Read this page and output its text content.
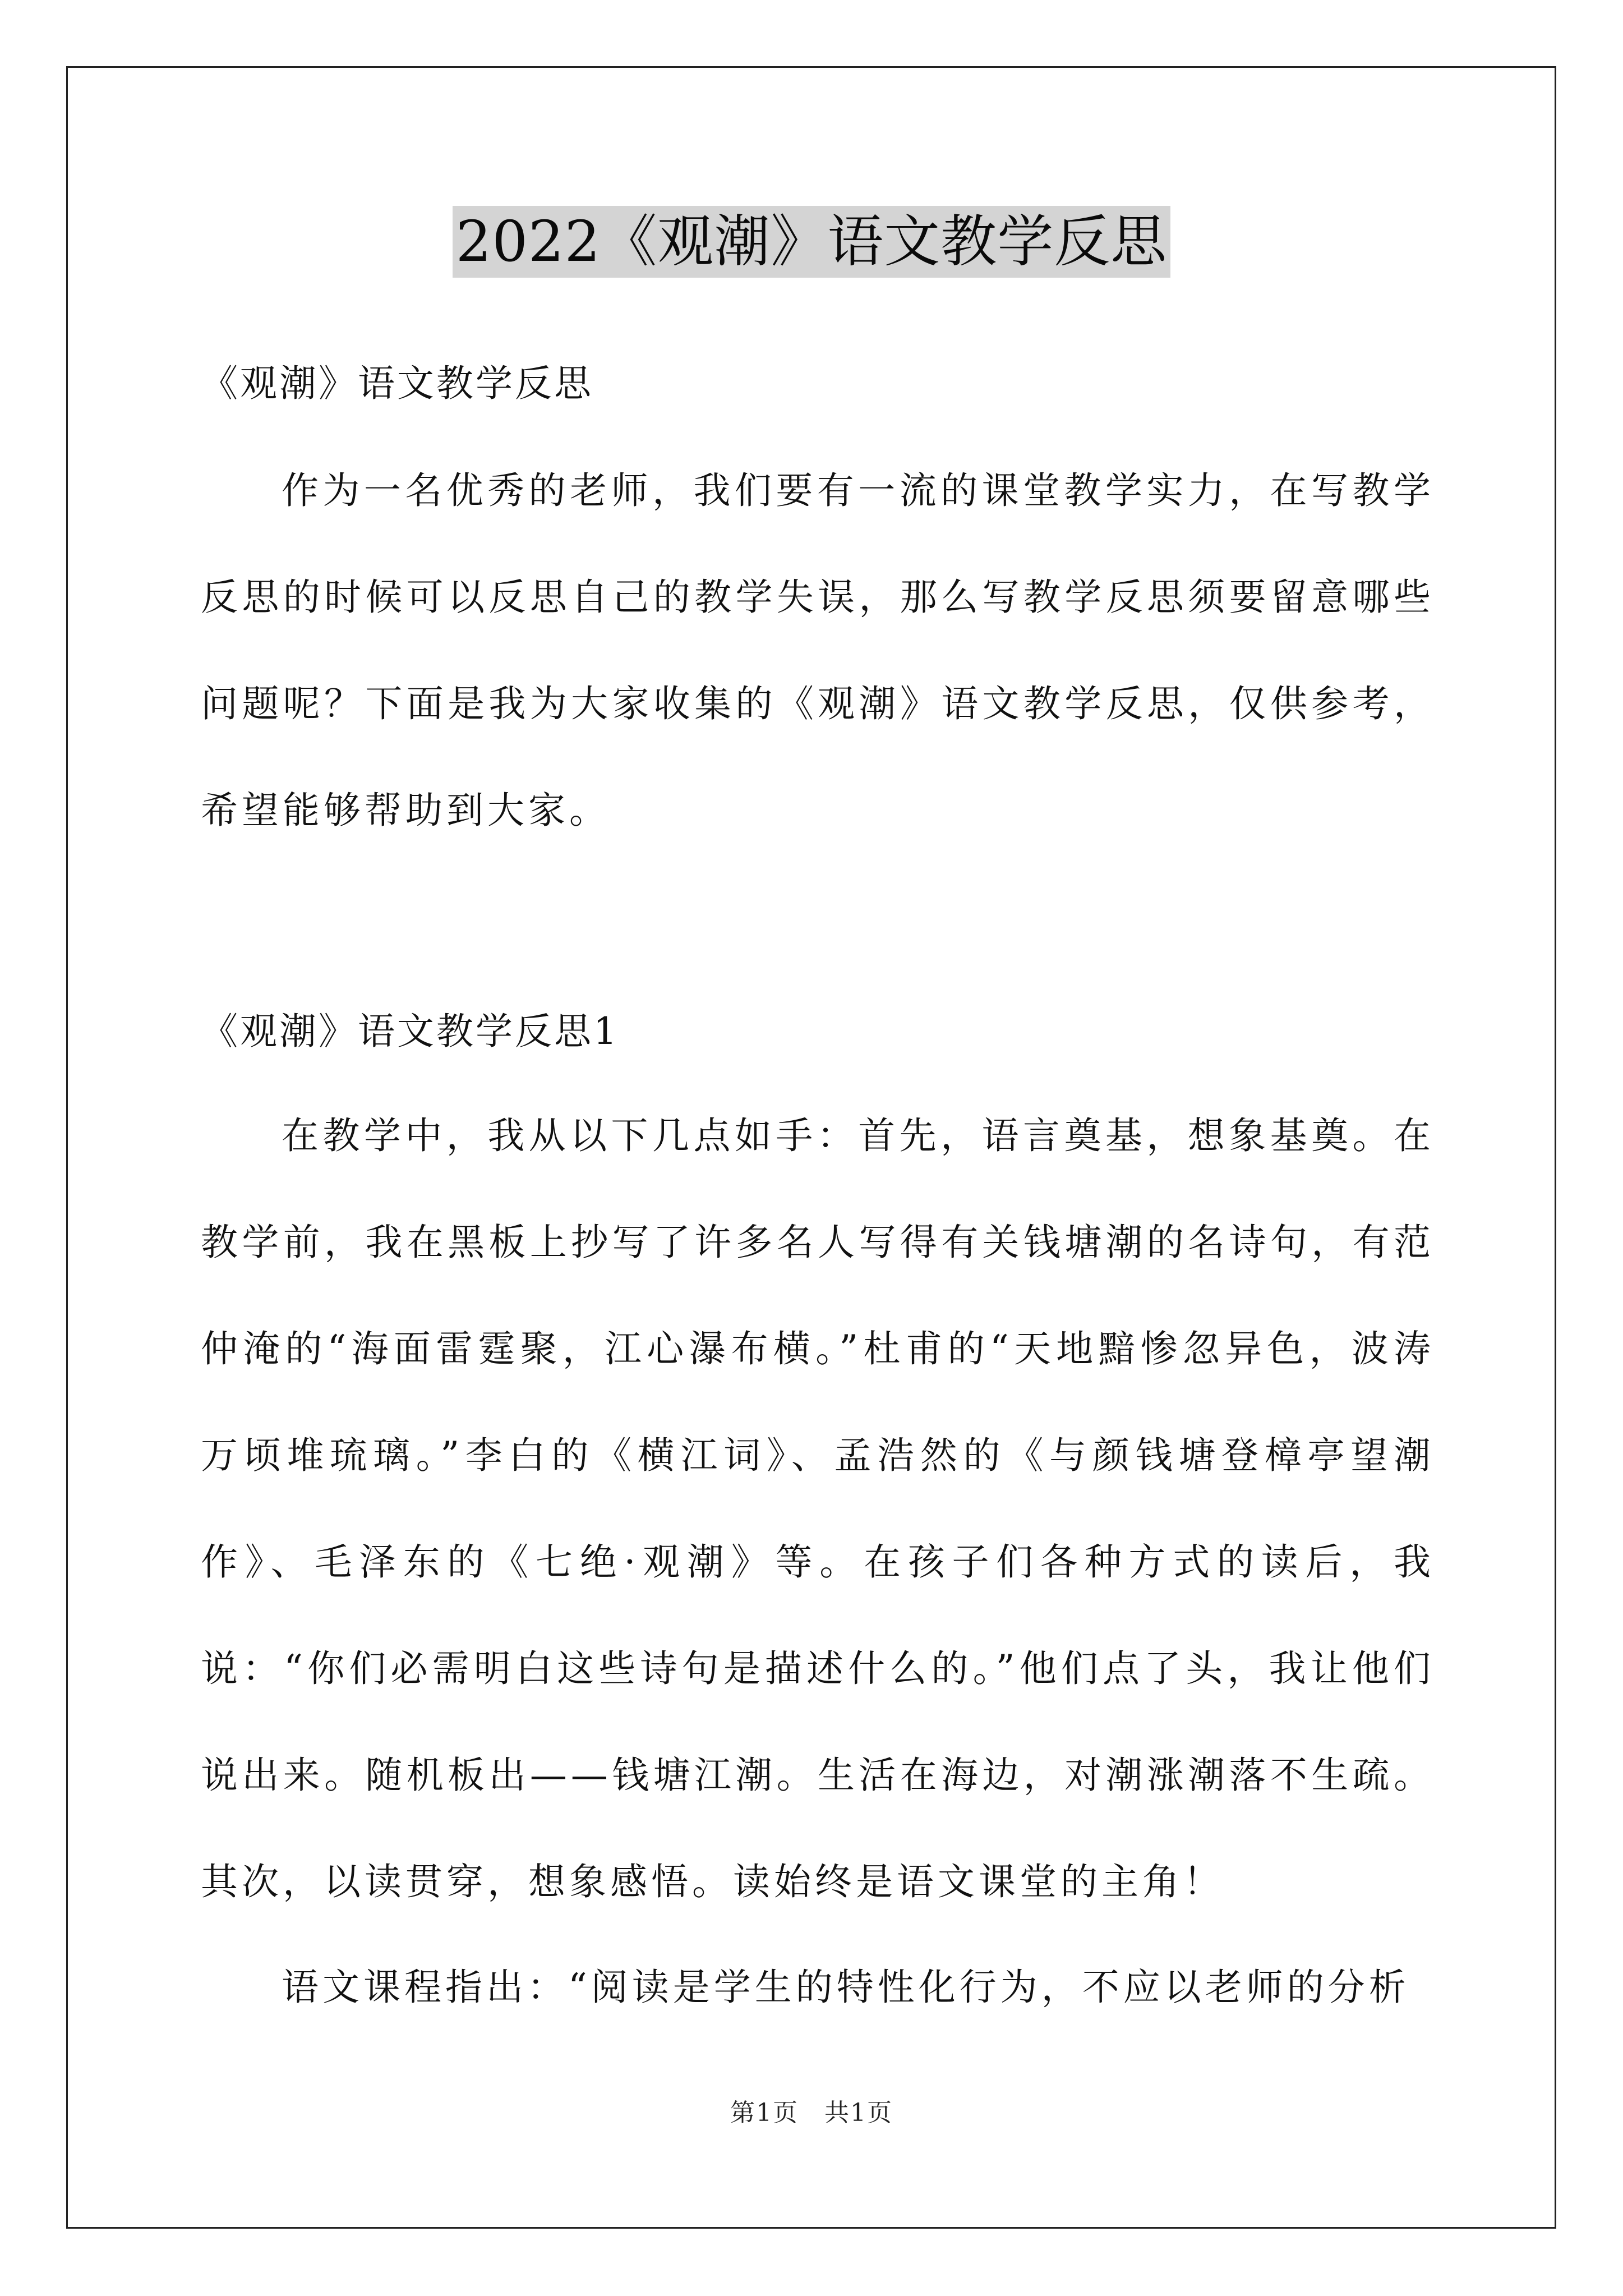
2022《观潮》语文教学反思
《观潮》语文教学反思
作为一名优秀的老师，我们要有一流的课堂教学实力，在写教学反思的时候可以反思自己的教学失误，那么写教学反思须要留意哪些问题呢？下面是我为大家收集的《观潮》语文教学反思，仅供参考，希望能够帮助到大家。
《观潮》语文教学反思1
在教学中，我从以下几点如手：首先，语言奠基，想象基奠。在教学前，我在黑板上抄写了许多名人写得有关钱塘潮的名诗句，有范仲淹的“海面雷霆聚，江心瀑布横。”杜甫的“天地黯惨忽异色，波涛万顷堆琉璃。”李白的《横江词》、孟浩然的《与颜钱塘登樟亭望潮作》、毛泽东的《七绝·观潮》等。在孩子们各种方式的读后，我说：“你们必需明白这些诗句是描述什么的。”他们点了头，我让他们说出来。随机板出——钱塘江潮。生活在海边，对潮涨潮落不生疏。其次，以读贯穿，想象感悟。读始终是语文课堂的主角！
语文课程指出：“阅读是学生的特性化行为，不应以老师的分析
第1页　共1页
